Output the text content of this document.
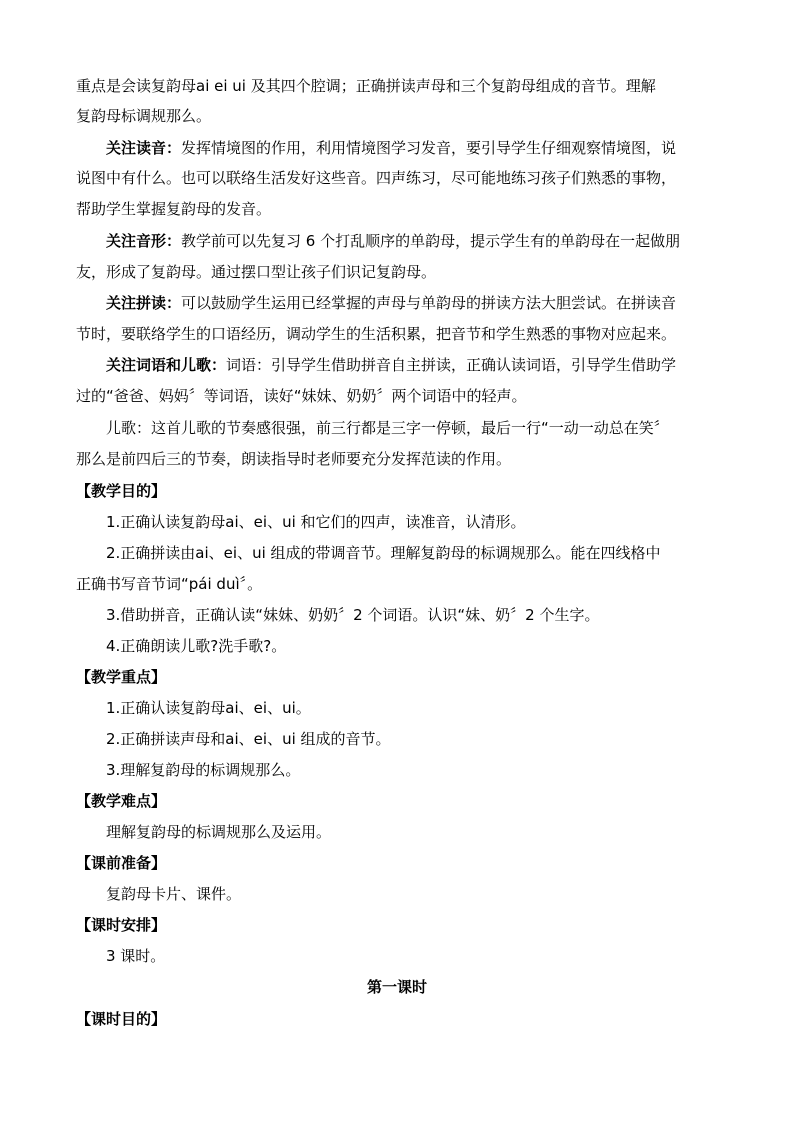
重点是会读复韵母ai ei ui 及其四个腔调；正确拼读声母和三个复韵母组成的音节。理解
复韵母标调规那么。
关注读音：发挥情境图的作用，利用情境图学习发音，要引导学生仔细观察情境图，说
说图中有什么。也可以联络生活发好这些音。四声练习，尽可能地练习孩子们熟悉的事物，
帮助学生掌握复韵母的发音。
关注音形：教学前可以先复习 6 个打乱顺序的单韵母，提示学生有的单韵母在一起做朋
友，形成了复韵母。通过摆口型让孩子们识记复韵母。
关注拼读：可以鼓励学生运用已经掌握的声母与单韵母的拼读方法大胆尝试。在拼读音
节时，要联络学生的口语经历，调动学生的生活积累，把音节和学生熟悉的事物对应起来。
关注词语和儿歌：词语：引导学生借助拼音自主拼读，正确认读词语，引导学生借助学
过的“爸爸、妈妈〞等词语，读好“妹妹、奶奶〞两个词语中的轻声。
儿歌：这首儿歌的节奏感很强，前三行都是三字一停顿，最后一行“一动一动总在笑〞
那么是前四后三的节奏，朗读指导时老师要充分发挥范读的作用。
【教学目的】
1.正确认读复韵母ai、ei、ui 和它们的四声，读准音，认清形。
2.正确拼读由ai、ei、ui 组成的带调音节。理解复韵母的标调规那么。能在四线格中
正确书写音节词“pái duì〞。
3.借助拼音，正确认读“妹妹、奶奶〞2 个词语。认识“妹、奶〞2 个生字。
4.正确朗读儿歌?洗手歌?。
【教学重点】
1.正确认读复韵母ai、ei、ui。
2.正确拼读声母和ai、ei、ui 组成的音节。
3.理解复韵母的标调规那么。
【教学难点】
理解复韵母的标调规那么及运用。
【课前准备】
复韵母卡片、课件。
【课时安排】
3 课时。
第一课时
【课时目的】
